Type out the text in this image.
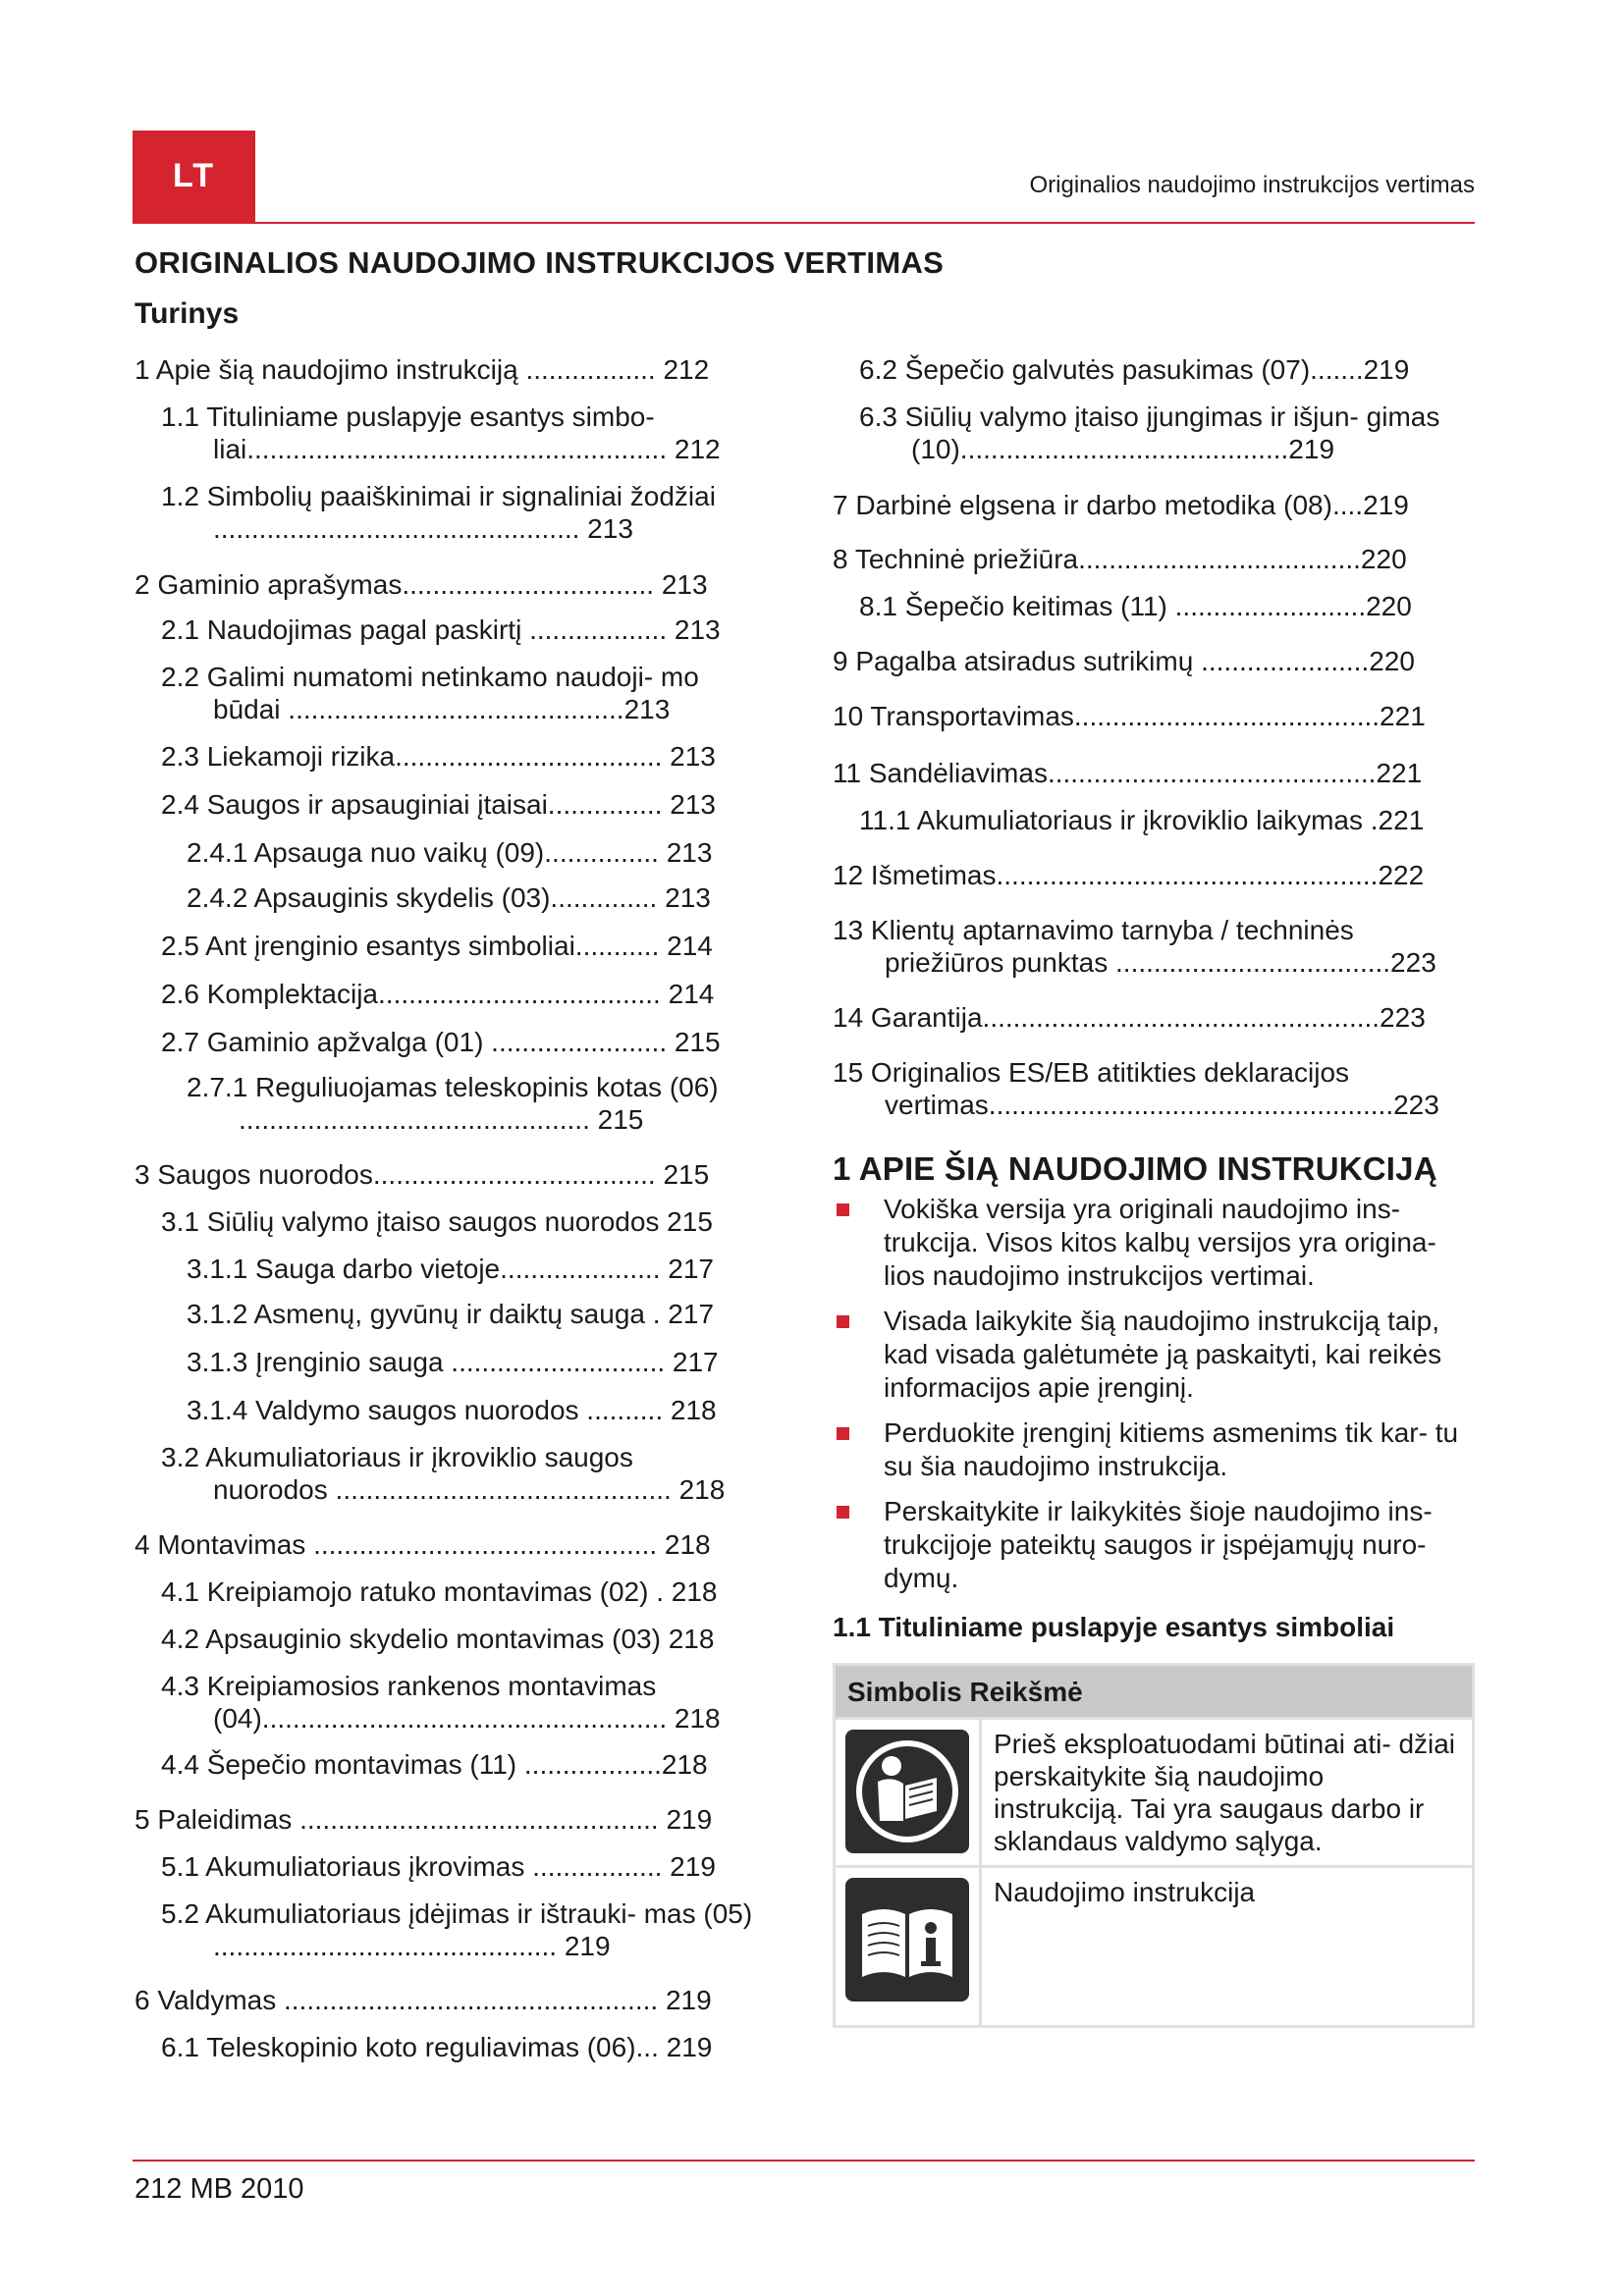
LT	Originalios naudojimo instrukcijos vertimas
ORIGINALIOS NAUDOJIMO INSTRUKCIJOS VERTIMAS
Turinys
1 Apie šią naudojimo instrukciją ................. 212
1.1 Tituliniame puslapyje esantys simbo- liai....................................................... 212
1.2 Simbolių paaiškinimai ir signaliniai žodžiai ................................................ 213
2 Gaminio aprašymas................................. 213
2.1 Naudojimas pagal paskirtį .................. 213
2.2 Galimi numatomi netinkamo naudoji- mo būdai ............................................213
2.3 Liekamoji rizika................................... 213
2.4 Saugos ir apsauginiai įtaisai............... 213
2.4.1 Apsauga nuo vaikų (09)............... 213
2.4.2 Apsauginis skydelis (03).............. 213
2.5 Ant įrenginio esantys simboliai........... 214
2.6 Komplektacija..................................... 214
2.7 Gaminio apžvalga (01) ....................... 215
2.7.1 Reguliuojamas teleskopinis kotas (06) .............................................. 215
3 Saugos nuorodos..................................... 215
3.1 Siūlių valymo įtaiso saugos nuorodos 215
3.1.1 Sauga darbo vietoje..................... 217
3.1.2 Asmenų, gyvūnų ir daiktų sauga . 217
3.1.3 Įrenginio sauga ............................ 217
3.1.4 Valdymo saugos nuorodos .......... 218
3.2 Akumuliatoriaus ir įkroviklio saugos nuorodos ............................................ 218
4 Montavimas ............................................. 218
4.1 Kreipiamojo ratuko montavimas (02) . 218
4.2 Apsauginio skydelio montavimas (03) 218
4.3 Kreipiamosios rankenos montavimas (04)..................................................... 218
4.4 Šepečio montavimas (11) ..................218
5 Paleidimas ............................................... 219
5.1 Akumuliatoriaus įkrovimas ................. 219
5.2 Akumuliatoriaus įdėjimas ir ištrauki- mas (05) ............................................. 219
6 Valdymas ................................................. 219
6.1 Teleskopinio koto reguliavimas (06)... 219
6.2 Šepečio galvutės pasukimas (07).......219
6.3 Siūlių valymo įtaiso įjungimas ir išjun- gimas (10)...........................................219
7 Darbinė elgsena ir darbo metodika (08)....219
8 Techninė priežiūra.....................................220
8.1 Šepečio keitimas (11) .........................220
9 Pagalba atsiradus sutrikimų ......................220
10 Transportavimas........................................221
11 Sandėliavimas...........................................221
11.1 Akumuliatoriaus ir įkroviklio laikymas .221
12 Išmetimas..................................................222
13 Klientų aptarnavimo tarnyba / techninės priežiūros punktas ....................................223
14 Garantija....................................................223
15 Originalios ES/EB atitikties deklaracijos vertimas.....................................................223
1 APIE ŠIĄ NAUDOJIMO INSTRUKCIJĄ
Vokiška versija yra originali naudojimo ins- trukcija. Visos kitos kalbų versijos yra origina- lios naudojimo instrukcijos vertimai.
Visada laikykite šią naudojimo instrukciją taip, kad visada galėtumėte ją paskaityti, kai reikės informacijos apie įrenginį.
Perduokite įrenginį kitiems asmenims tik kar- tu su šia naudojimo instrukcija.
Perskaitykite ir laikykitės šioje naudojimo ins- trukcijoje pateiktų saugos ir įspėjamųjų nuro- dymų.
1.1 Tituliniame puslapyje esantys simboliai
Simbolis Reikšmė	

	Prieš eksploatuodami būtinai ati- džiai perskaitykite šią naudojimo instrukciją. Tai yra saugaus darbo ir sklandaus valdymo sąlyga.

	Naudojimo instrukcija
212 MB 2010
